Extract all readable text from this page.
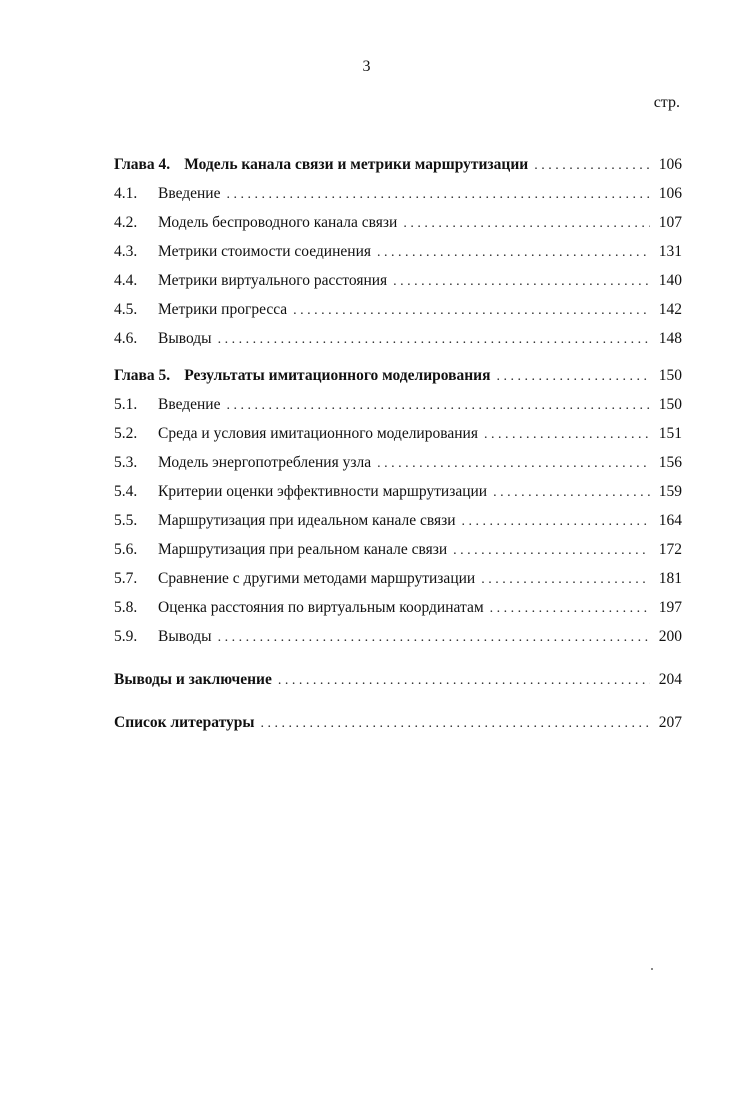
3
стр.
Глава 4. Модель канала связи и метрики маршрутизации . . .	106
4.1.	Введение . . .	106
4.2.	Модель беспроводного канала связи . . .	107
4.3.	Метрики стоимости соединения . . .	131
4.4.	Метрики виртуального расстояния . . .	140
4.5.	Метрики прогресса . . .	142
4.6.	Выводы . . .	148
Глава 5. Результаты имитационного моделирования . . .	150
5.1.	Введение . . .	150
5.2.	Среда и условия имитационного моделирования . . .	151
5.3.	Модель энергопотребления узла . . .	156
5.4.	Критерии оценки эффективности маршрутизации . . .	159
5.5.	Маршрутизация при идеальном канале связи . . .	164
5.6.	Маршрутизация при реальном канале связи . . .	172
5.7.	Сравнение с другими методами маршрутизации . . .	181
5.8.	Оценка расстояния по виртуальным координатам . . .	197
5.9.	Выводы . . .	200
Выводы и заключение . . .	204
Список литературы . . .	207
